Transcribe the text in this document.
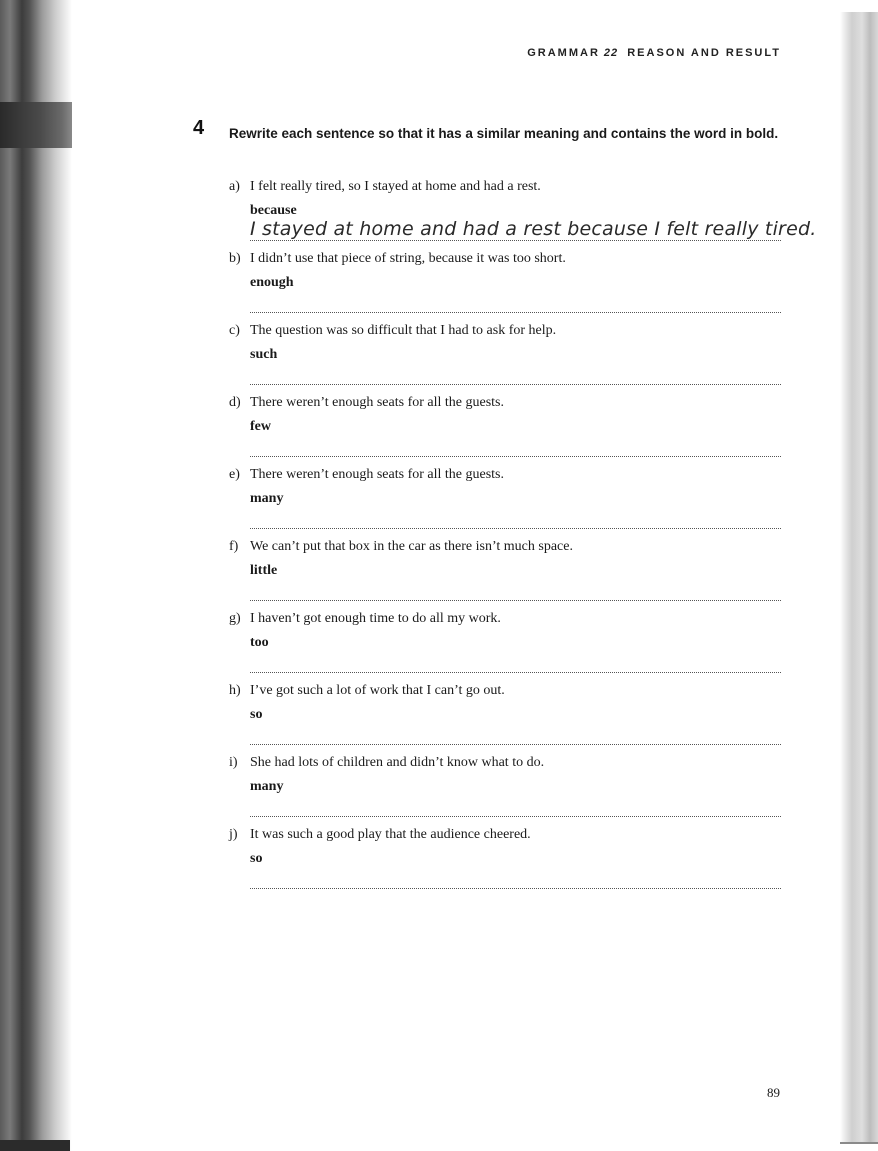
GRAMMAR 22 REASON AND RESULT
4 Rewrite each sentence so that it has a similar meaning and contains the word in bold.
a) I felt really tired, so I stayed at home and had a rest.
because
I stayed at home and had a rest because I felt really tired.
b) I didn’t use that piece of string, because it was too short.
enough
c) The question was so difficult that I had to ask for help.
such
d) There weren’t enough seats for all the guests.
few
e) There weren’t enough seats for all the guests.
many
f) We can’t put that box in the car as there isn’t much space.
little
g) I haven’t got enough time to do all my work.
too
h) I’ve got such a lot of work that I can’t go out.
so
i) She had lots of children and didn’t know what to do.
many
j) It was such a good play that the audience cheered.
so
89
